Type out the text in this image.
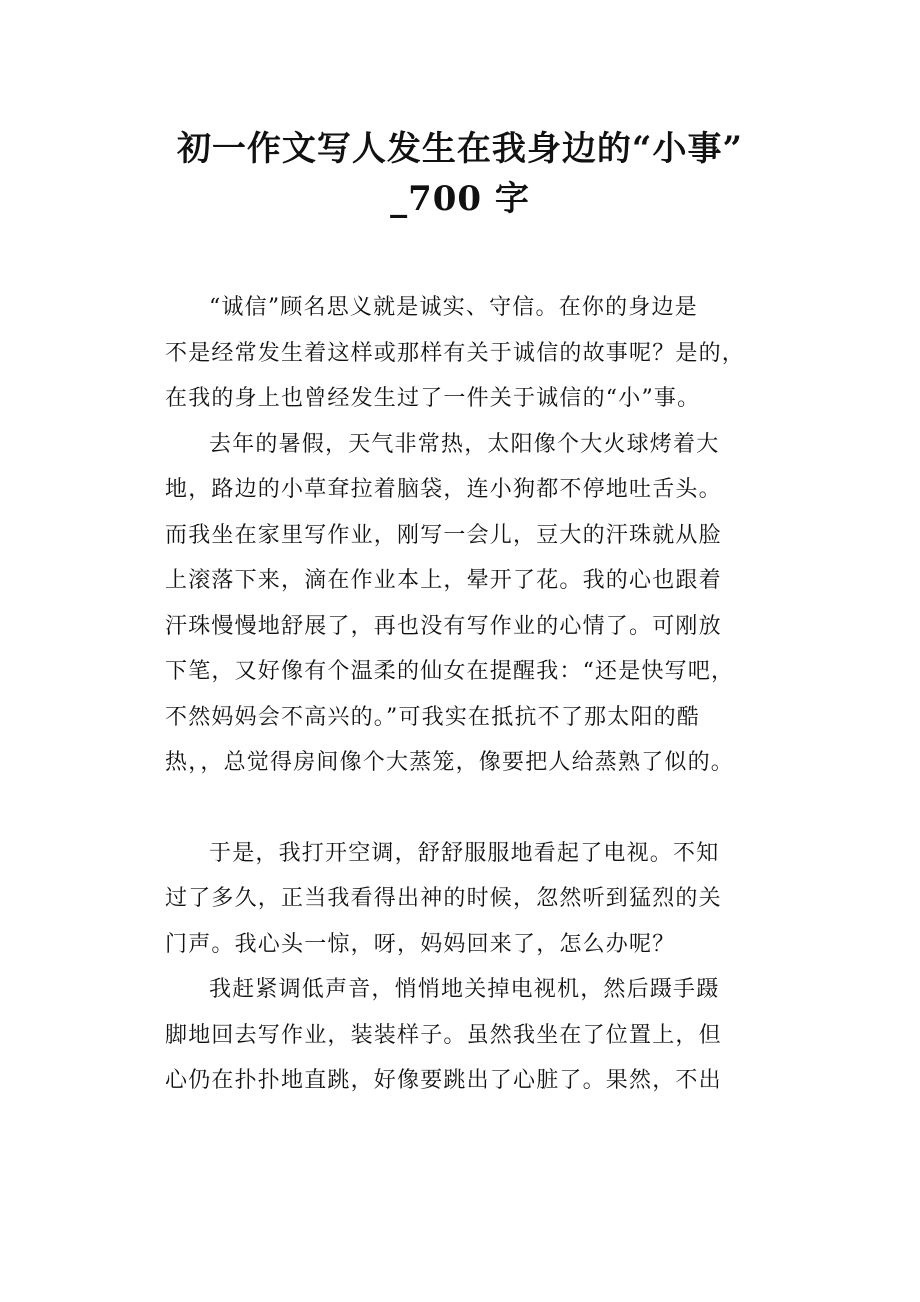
初一作文写人发生在我身边的“小事”
_700 字

“诚信”顾名思义就是诚实、守信。在你的身边是
不是经常发生着这样或那样有关于诚信的故事呢？是的，
在我的身上也曾经发生过了一件关于诚信的“小”事。

去年的暑假，天气非常热，太阳像个大火球烤着大
地，路边的小草耷拉着脑袋，连小狗都不停地吐舌头。
而我坐在家里写作业，刚写一会儿，豆大的汗珠就从脸
上滚落下来，滴在作业本上，晕开了花。我的心也跟着
汗珠慢慢地舒展了，再也没有写作业的心情了。可刚放
下笔，又好像有个温柔的仙女在提醒我：“还是快写吧，
不然妈妈会不高兴的。”可我实在抵抗不了那太阳的酷
热，，总觉得房间像个大蒸笼，像要把人给蒸熟了似的。

于是，我打开空调，舒舒服服地看起了电视。不知
过了多久，正当我看得出神的时候，忽然听到猛烈的关
门声。我心头一惊，呀，妈妈回来了，怎么办呢？

我赶紧调低声音，悄悄地关掉电视机，然后蹑手蹑
脚地回去写作业，装装样子。虽然我坐在了位置上，但
心仍在扑扑地直跳，好像要跳出了心脏了。果然，不出
